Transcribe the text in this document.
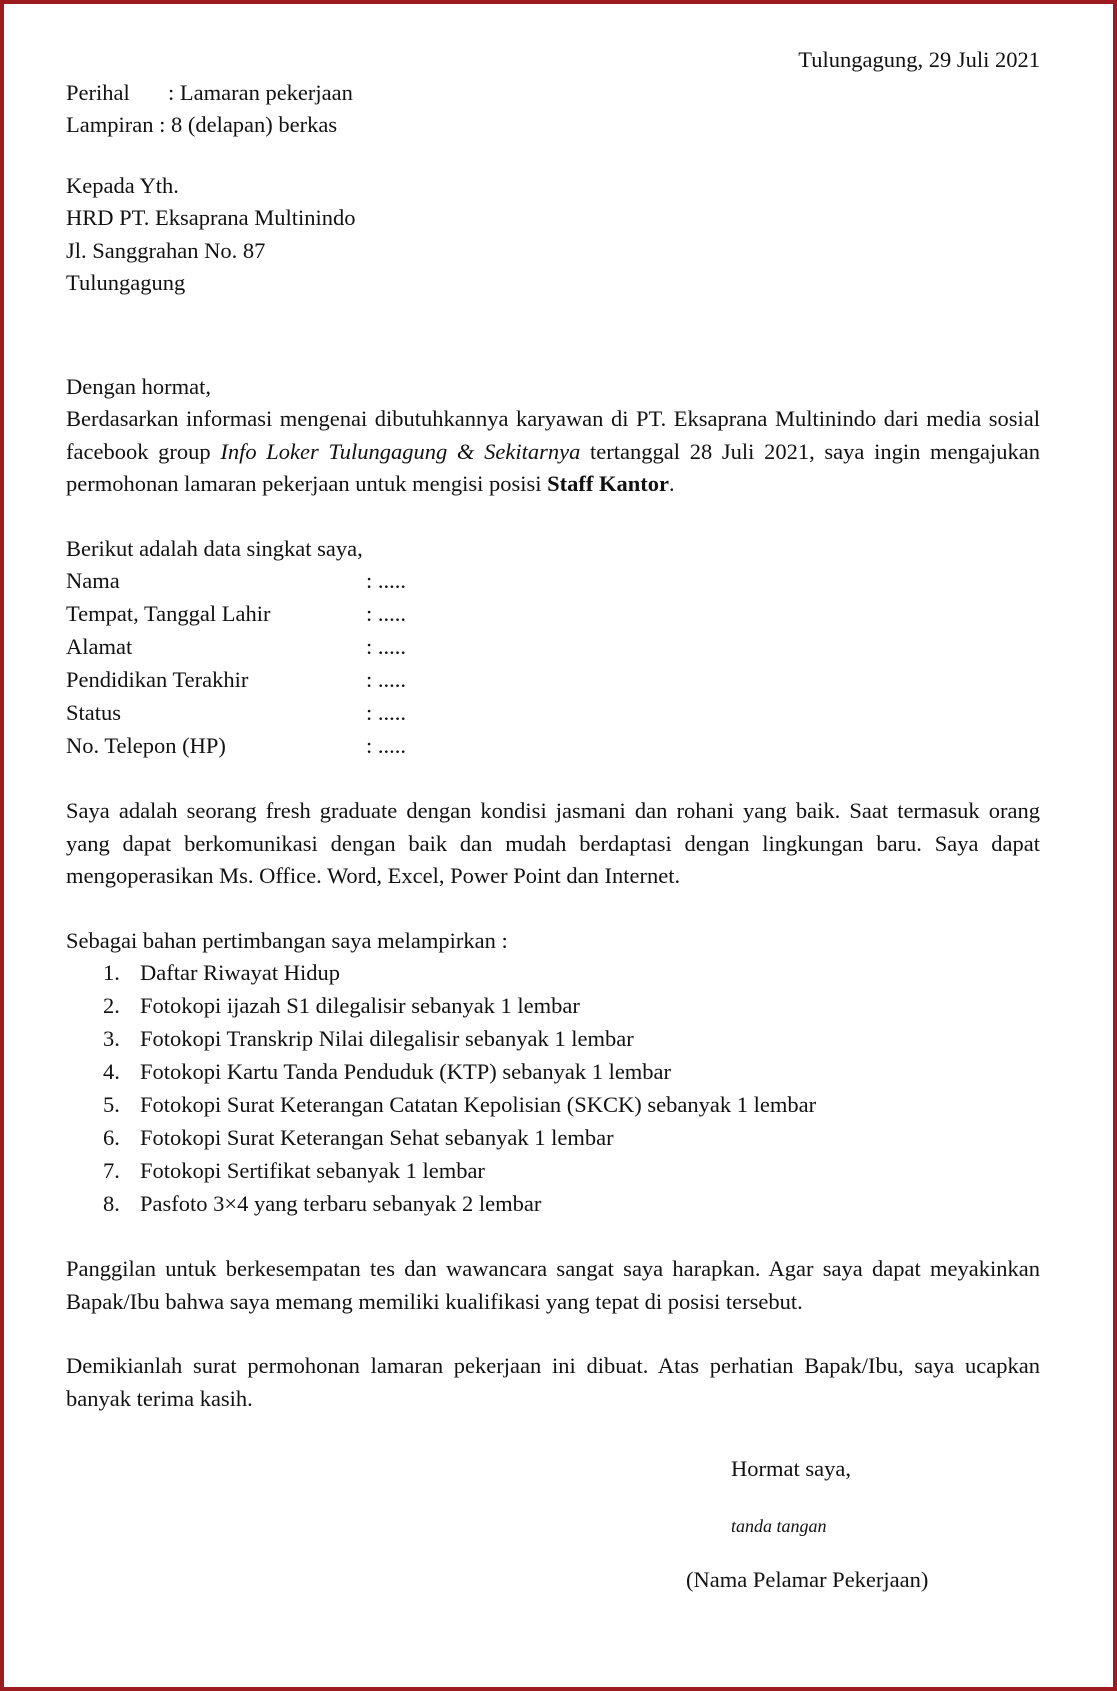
Tulungagung, 29 Juli 2021

Perihal	: Lamaran pekerjaan
Lampiran : 8 (delapan) berkas

Kepada Yth.

HRD PT. Eksaprana Multinindo

Jl. Sanggrahan No. 87

Tulungagung

Dengan hormat,

Berdasarkan informasi mengenai dibutuhkannya karyawan di PT. Eksaprana Multinindo dari media sosial facebook group Info Loker Tulungagung & Sekitarnya tertanggal 28 Juli 2021, saya ingin mengajukan permohonan lamaran pekerjaan untuk mengisi posisi Staff Kantor.

Berikut adalah data singkat saya,

Nama	: .....
Tempat, Tanggal Lahir	: .....
Alamat	: .....
Pendidikan Terakhir	: .....
Status	: .....
No. Telepon (HP)	: .....

Saya adalah seorang fresh graduate dengan kondisi jasmani dan rohani yang baik. Saat termasuk orang yang dapat berkomunikasi dengan baik dan mudah berdaptasi dengan lingkungan baru. Saya dapat mengoperasikan Ms. Office. Word, Excel, Power Point dan Internet.

Sebagai bahan pertimbangan saya melampirkan :

1. Daftar Riwayat Hidup
2. Fotokopi ijazah S1 dilegalisir sebanyak 1 lembar
3. Fotokopi Transkrip Nilai dilegalisir sebanyak 1 lembar
4. Fotokopi Kartu Tanda Penduduk (KTP) sebanyak 1 lembar
5. Fotokopi Surat Keterangan Catatan Kepolisian (SKCK) sebanyak 1 lembar
6. Fotokopi Surat Keterangan Sehat sebanyak 1 lembar
7. Fotokopi Sertifikat sebanyak 1 lembar
8. Pasfoto 3×4 yang terbaru sebanyak 2 lembar

Panggilan untuk berkesempatan tes dan wawancara sangat saya harapkan. Agar saya dapat meyakinkan Bapak/Ibu bahwa saya memang memiliki kualifikasi yang tepat di posisi tersebut.

Demikianlah surat permohonan lamaran pekerjaan ini dibuat. Atas perhatian Bapak/Ibu, saya ucapkan banyak terima kasih.

Hormat saya,

tanda tangan

(Nama Pelamar Pekerjaan)
